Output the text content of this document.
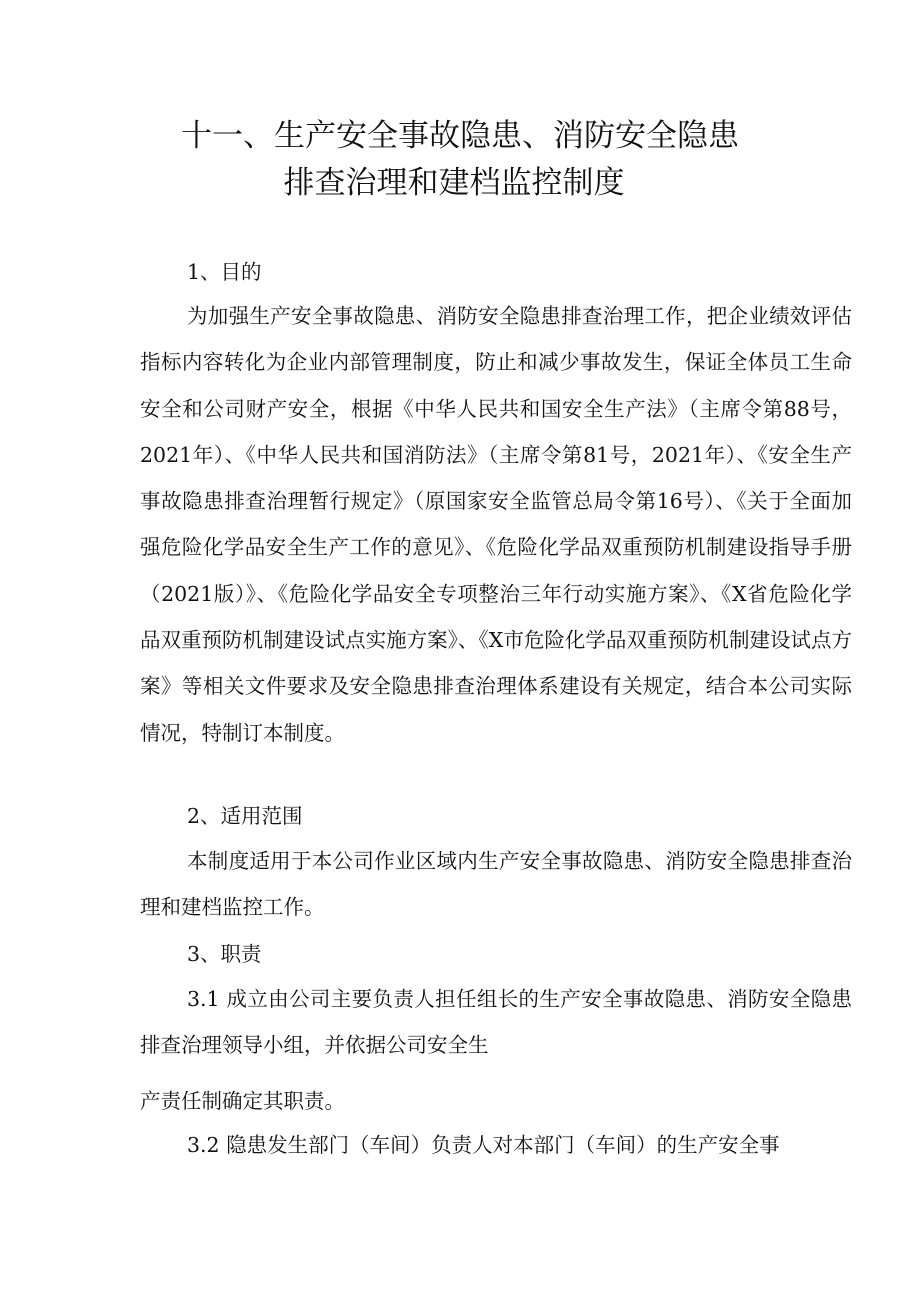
十一、生产安全事故隐患、消防安全隐患
排查治理和建档监控制度
1、目的

为加强生产安全事故隐患、消防安全隐患排查治理工作，把企业绩效评估指标内容转化为企业内部管理制度，防止和减少事故发生，保证全体员工生命安全和公司财产安全，根据《中华人民共和国安全生产法》（主席令第88号，2021年）、《中华人民共和国消防法》（主席令第81号，2021年）、《安全生产事故隐患排查治理暂行规定》（原国家安全监管总局令第16号）、《关于全面加强危险化学品安全生产工作的意见》、《危险化学品双重预防机制建设指导手册（2021版）》、《危险化学品安全专项整治三年行动实施方案》、《X省危险化学品双重预防机制建设试点实施方案》、《X市危险化学品双重预防机制建设试点方案》等相关文件要求及安全隐患排查治理体系建设有关规定，结合本公司实际情况，特制订本制度。

2、适用范围

本制度适用于本公司作业区域内生产安全事故隐患、消防安全隐患排查治理和建档监控工作。

3、职责

3.1 成立由公司主要负责人担任组长的生产安全事故隐患、消防安全隐患排查治理领导小组，并依据公司安全生

产责任制确定其职责。
3.2 隐患发生部门（车间）负责人对本部门（车间）的生产安全事
